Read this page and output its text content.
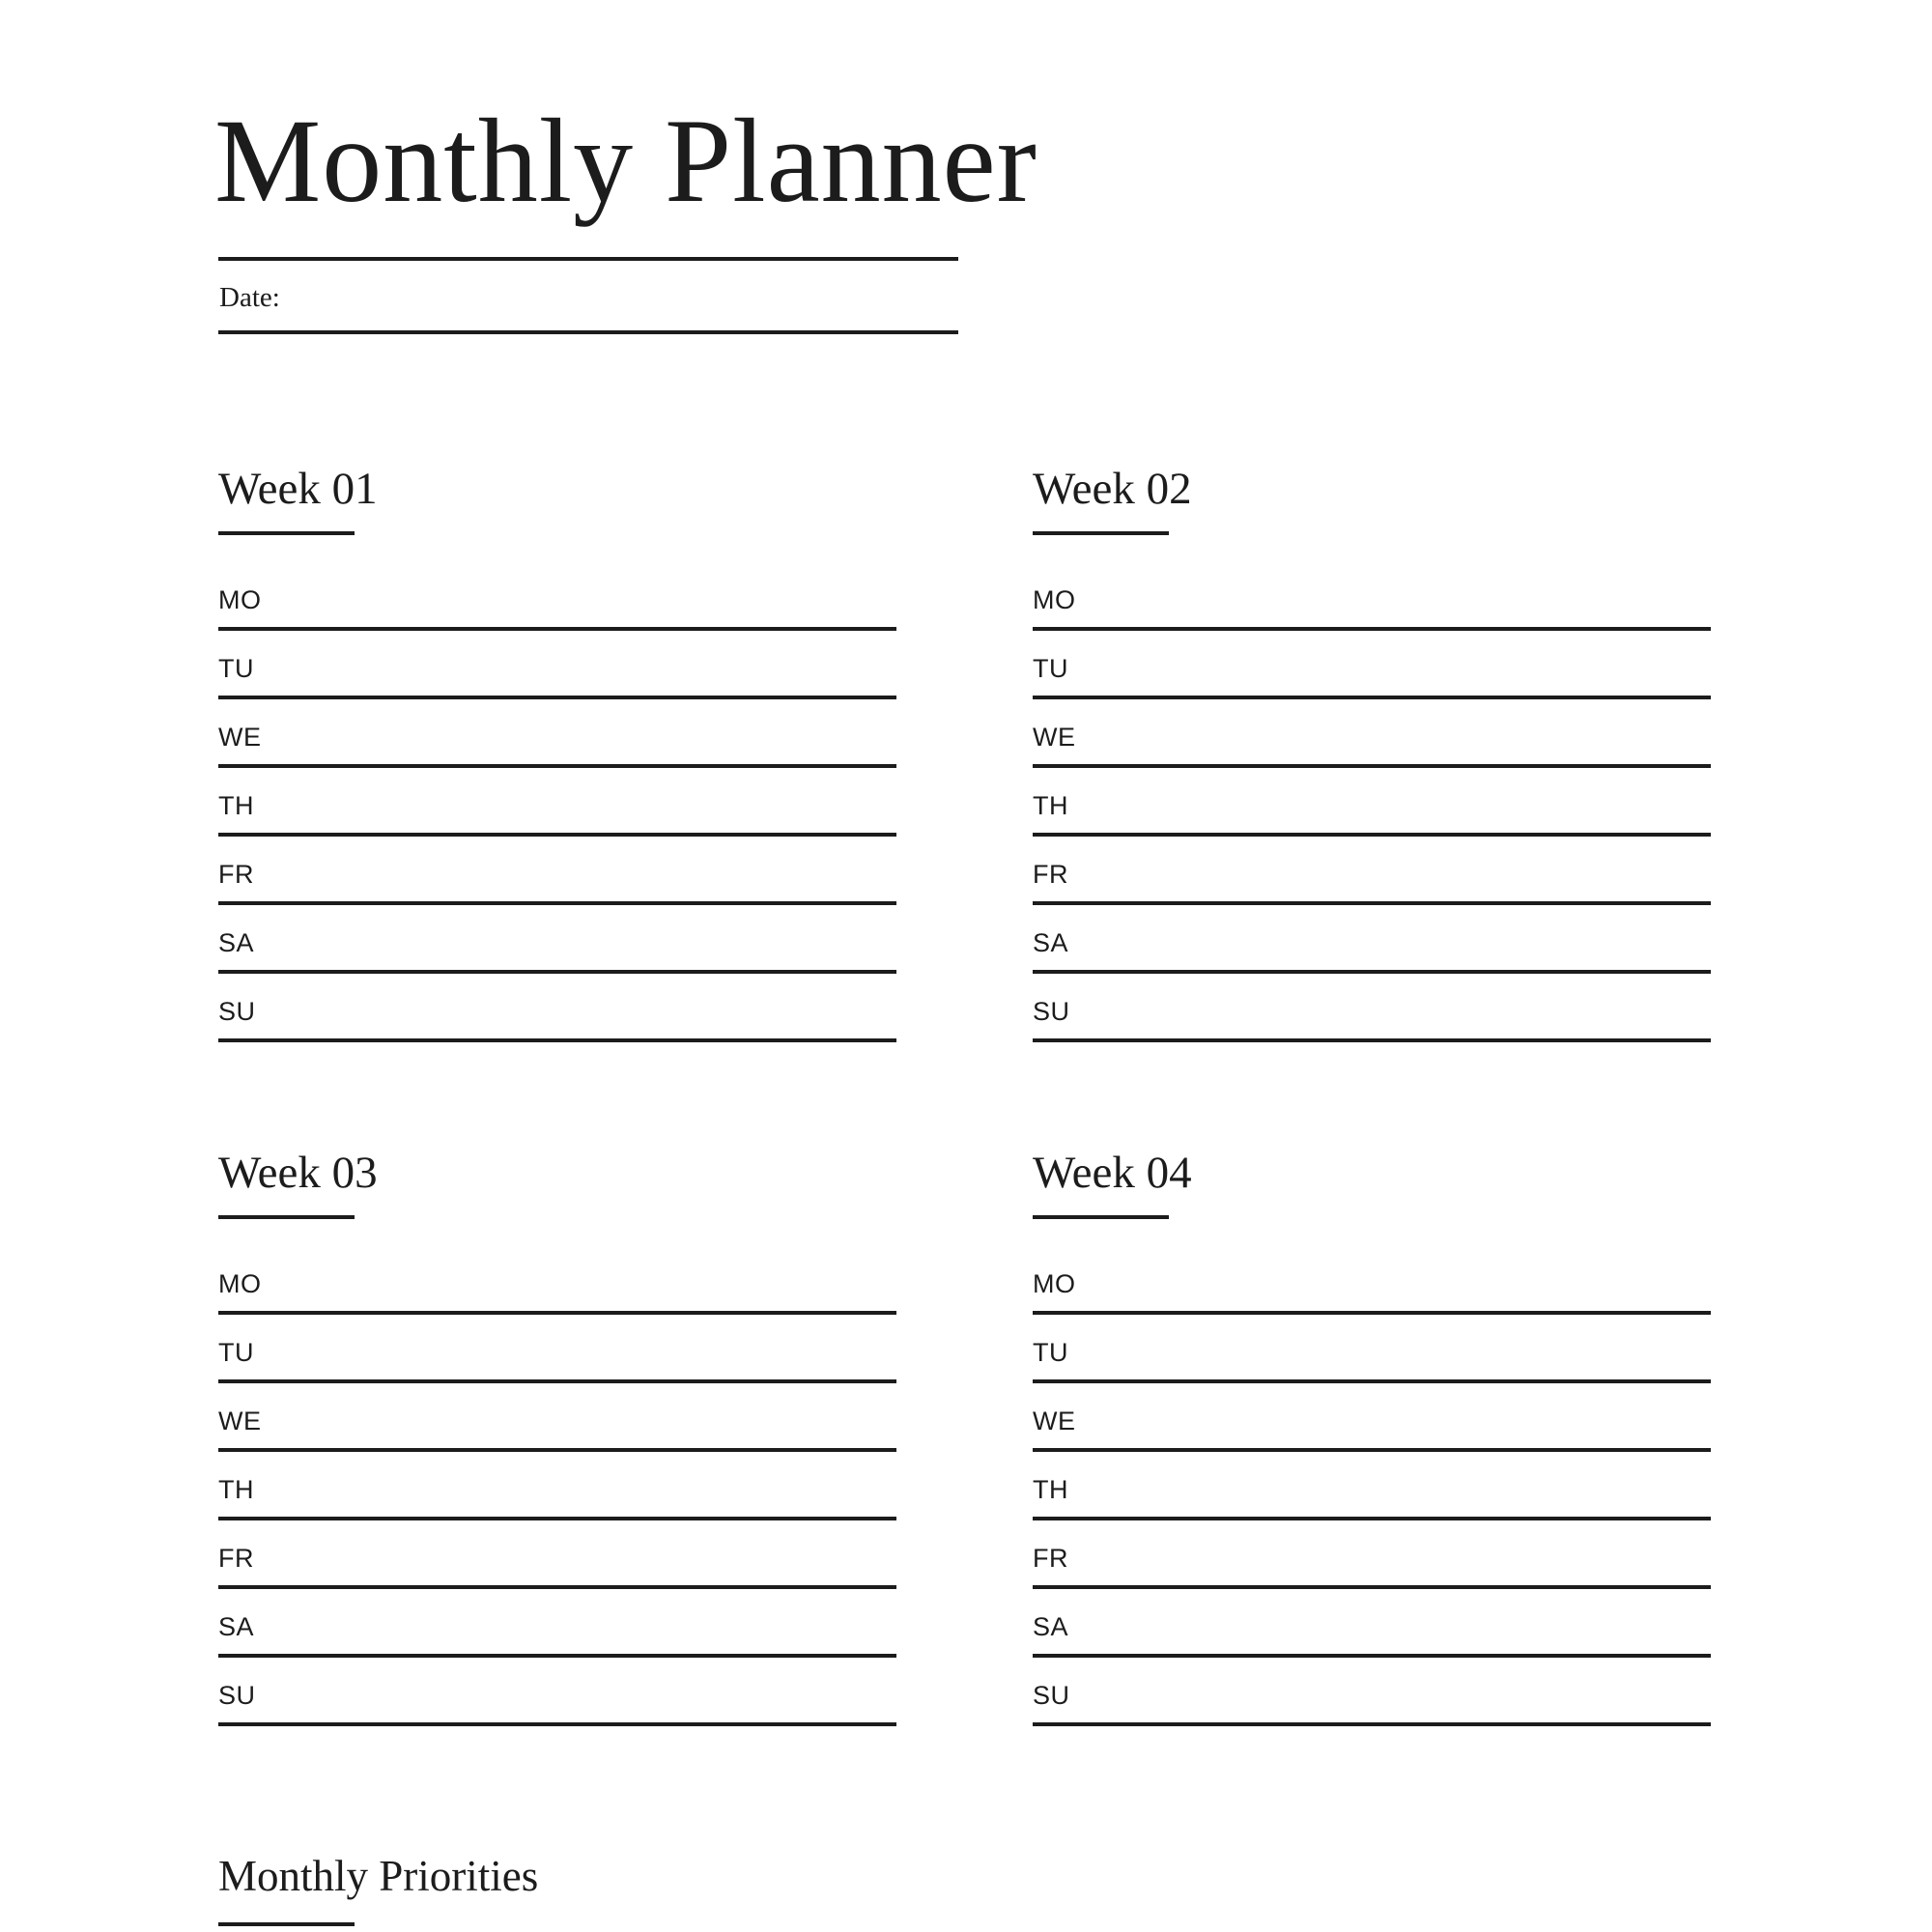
Monthly Planner
Date:
Week 01
MO
TU
WE
TH
FR
SA
SU
Week 02
MO
TU
WE
TH
FR
SA
SU
Week 03
MO
TU
WE
TH
FR
SA
SU
Week 04
MO
TU
WE
TH
FR
SA
SU
Monthly Priorities
